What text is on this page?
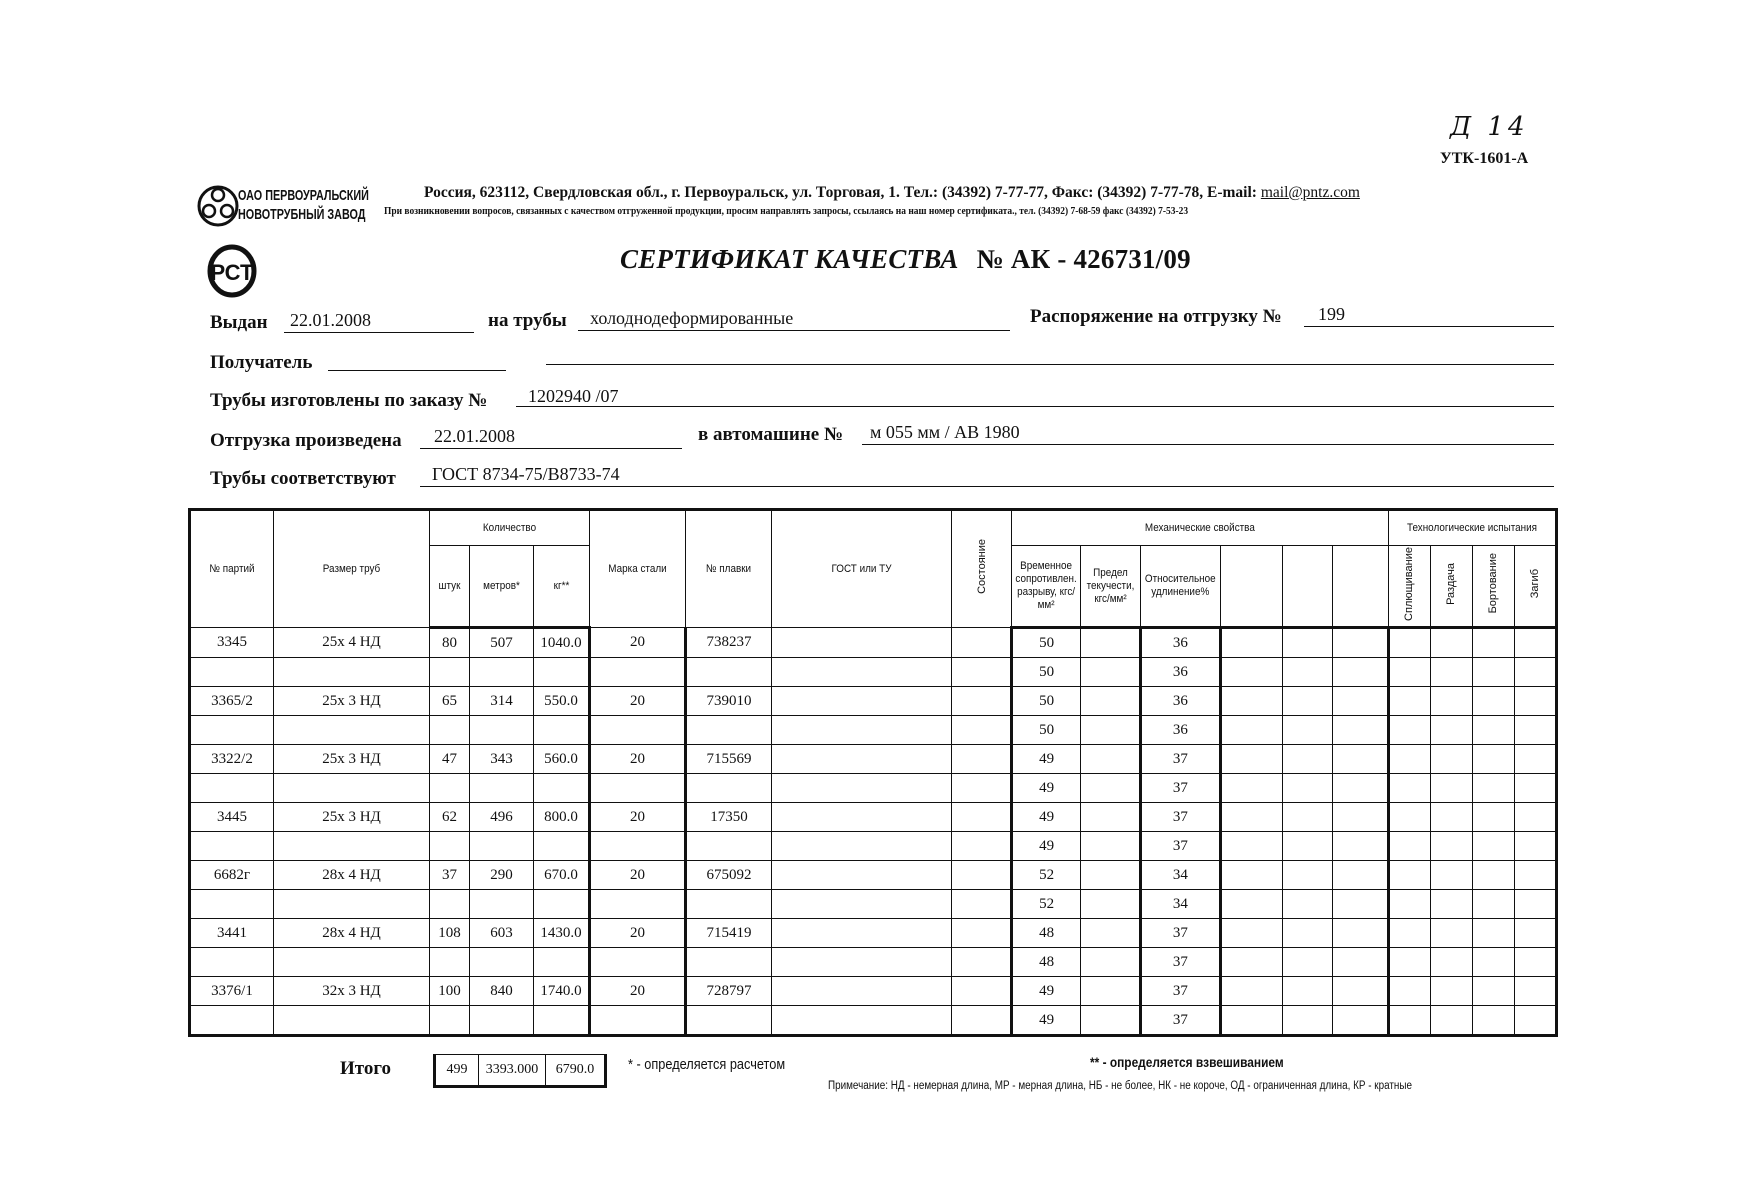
Д 14
УТК-1601-А
ОАО ПЕРВОУРАЛЬСКИЙ
НОВОТРУБНЫЙ ЗАВОД
Россия, 623112, Свердловская обл., г. Первоуральск, ул. Торговая, 1. Тел.: (34392) 7-77-77, Факс: (34392) 7-77-78, E-mail: mail@pntz.com
При возникновении вопросов, связанных с качеством отгруженной продукции, просим направлять запросы, ссылаясь на наш номер сертификата., тел. (34392) 7-68-59 факс (34392) 7-53-23
РСТ	СЕРТИФИКАТ КАЧЕСТВА № АК - 426731/09
Выдан 22.01.2008	на трубы холоднодеформированные	Распоряжение на отгрузку № 199
Получатель
Трубы изготовлены по заказу № 1202940 /07
Отгрузка произведена 22.01.2008	в автомашине № м 055 мм / АВ 1980
Трубы соответствуют ГОСТ 8734-75/В8733-74
№ партий	Размер труб	Количество			Марка стали	№ плавки	ГОСТ или ТУ	Состояние	Механические свойства						Технологические испытания			

		штук	метров*	кг**					Временное сопротивлен. разрыву, кгс/мм²	Предел текучести, кгс/мм²	Относительное удлинение%				Сплющивание	Раздача	Бортование	Загиб
3345	25x 4 НД	80	507	1040.0	20	738237			50		36							
									50		36							
3365/2	25x 3 НД	65	314	550.0	20	739010			50		36							
									50		36							
3322/2	25x 3 НД	47	343	560.0	20	715569			49		37							
									49		37							
3445	25x 3 НД	62	496	800.0	20	17350			49		37							
									49		37							
6682г	28x 4 НД	37	290	670.0	20	675092			52		34							
									52		34							
3441	28x 4 НД	108	603	1430.0	20	715419			48		37							
									48		37							
3376/1	32x 3 НД	100	840	1740.0	20	728797			49		37							
									49		37							
Итого	499	3393.000	6790.0 * - определяется расчетом	** - определяется взвешиванием
Примечание: НД - немерная длина, МР - мерная длина, НБ - не более, НК - не короче, ОД - ограниченная длина, КР - кратные
